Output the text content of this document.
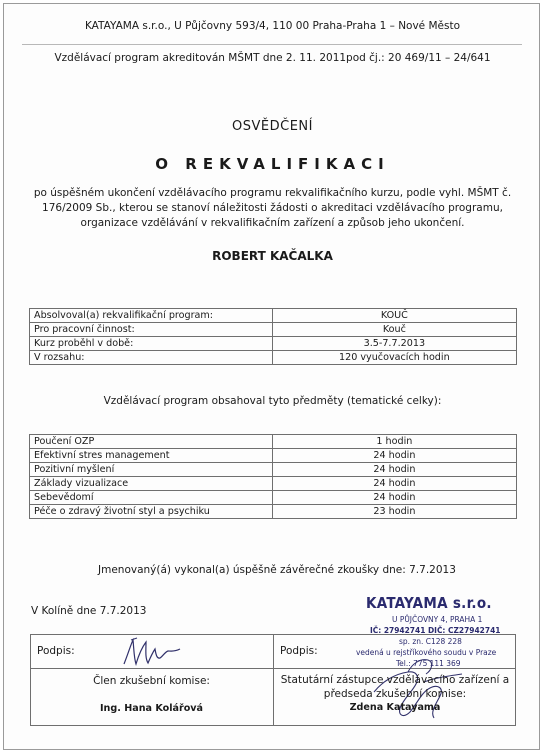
KATAYAMA s.r.o., U Půjčovny 593/4, 110 00 Praha-Praha 1 – Nové Město
Vzdělávací program akreditován MŠMT dne 2. 11. 2011pod čj.: 20 469/11 – 24/641
OSVĚDČENÍ
O REKVALIFIKACI
po úspěšném ukončení vzdělávacího programu rekvalifikačního kurzu, podle vyhl. MŠMT č.
176/2009 Sb., kterou se stanoví náležitosti žádosti o akreditaci vzdělávacího programu,
organizace vzdělávání v rekvalifikačním zařízení a způsob jeho ukončení.
ROBERT KAČALKA
Absolvoval(a) rekvalifikační program:	KOUČ
Pro pracovní činnost:	Kouč
Kurz proběhl v době:	3.5-7.7.2013
V rozsahu:	120 vyučovacích hodin
Vzdělávací program obsahoval tyto předměty (tematické celky):
Poučení OZP	1 hodin
Efektivní stres management	24 hodin
Pozitivní myšlení	24 hodin
Základy vizualizace	24 hodin
Sebevědomí	24 hodin
Péče o zdravý životní styl a psychiku	23 hodin
Jmenovaný(á) vykonal(a) úspěšně závěrečné zkoušky dne: 7.7.2013
V Kolíně dne 7.7.2013	KATAYAMA s.r.o.
U PŮJČOVNY 4, PRAHA 1
IČ: 27942741 DIČ: CZ27942741
sp. zn. C128 228
vedená u rejstříkového soudu v Praze
Tel.: 775 111 369
Podpis:	Podpis:
Člen zkušební komise:
Ing. Hana Kolářová
Statutární zástupce vzdělávacího zařízení a
předseda zkušební komise:
Zdena Katayama
